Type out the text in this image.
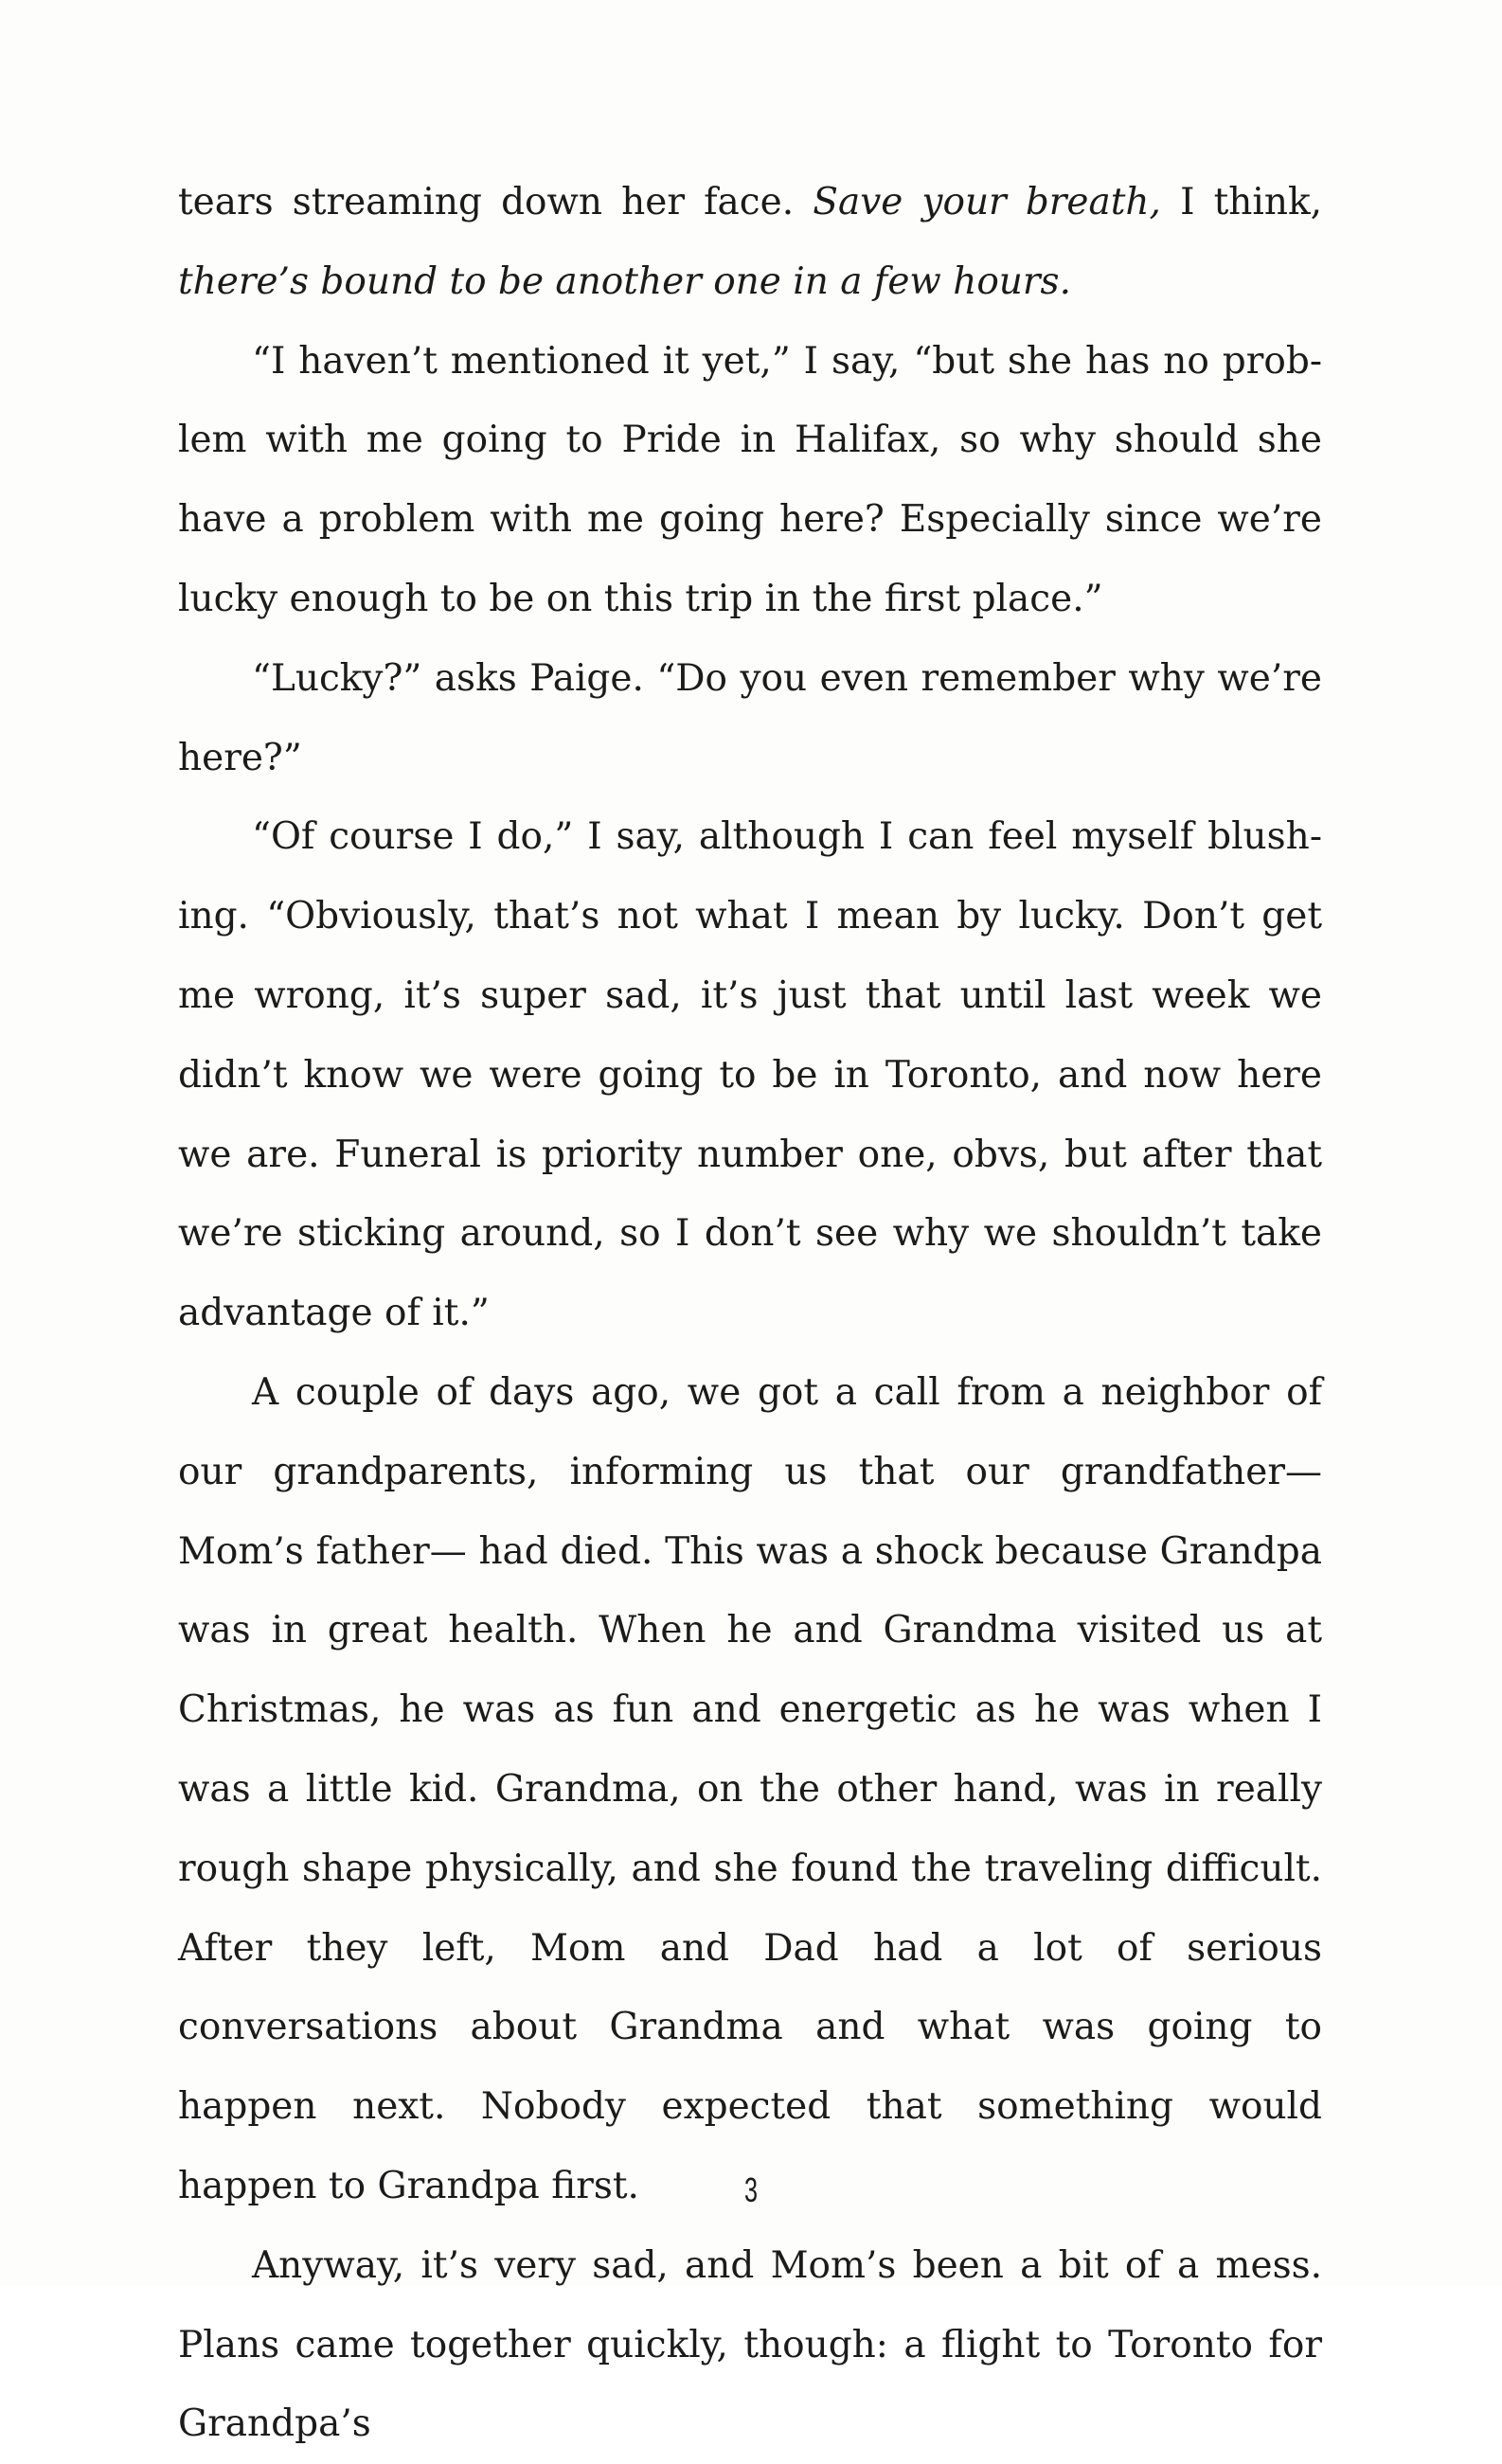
tears streaming down her face. Save your breath, I think, there’s bound to be another one in a few hours.

“I haven’t mentioned it yet,” I say, “but she has no problem with me going to Pride in Halifax, so why should she have a problem with me going here? Especially since we’re lucky enough to be on this trip in the first place.”

“Lucky?” asks Paige. “Do you even remember why we’re here?”

“Of course I do,” I say, although I can feel myself blushing. “Obviously, that’s not what I mean by lucky. Don’t get me wrong, it’s super sad, it’s just that until last week we didn’t know we were going to be in Toronto, and now here we are. Funeral is priority number one, obvs, but after that we’re sticking around, so I don’t see why we shouldn’t take advantage of it.”

A couple of days ago, we got a call from a neighbor of our grandparents, informing us that our grandfather—Mom’s father— had died. This was a shock because Grandpa was in great health. When he and Grandma visited us at Christmas, he was as fun and energetic as he was when I was a little kid. Grandma, on the other hand, was in really rough shape physically, and she found the traveling difficult. After they left, Mom and Dad had a lot of serious conversations about Grandma and what was going to happen next. Nobody expected that something would happen to Grandpa first.

Anyway, it’s very sad, and Mom’s been a bit of a mess. Plans came together quickly, though: a flight to Toronto for Grandpa’s

3
